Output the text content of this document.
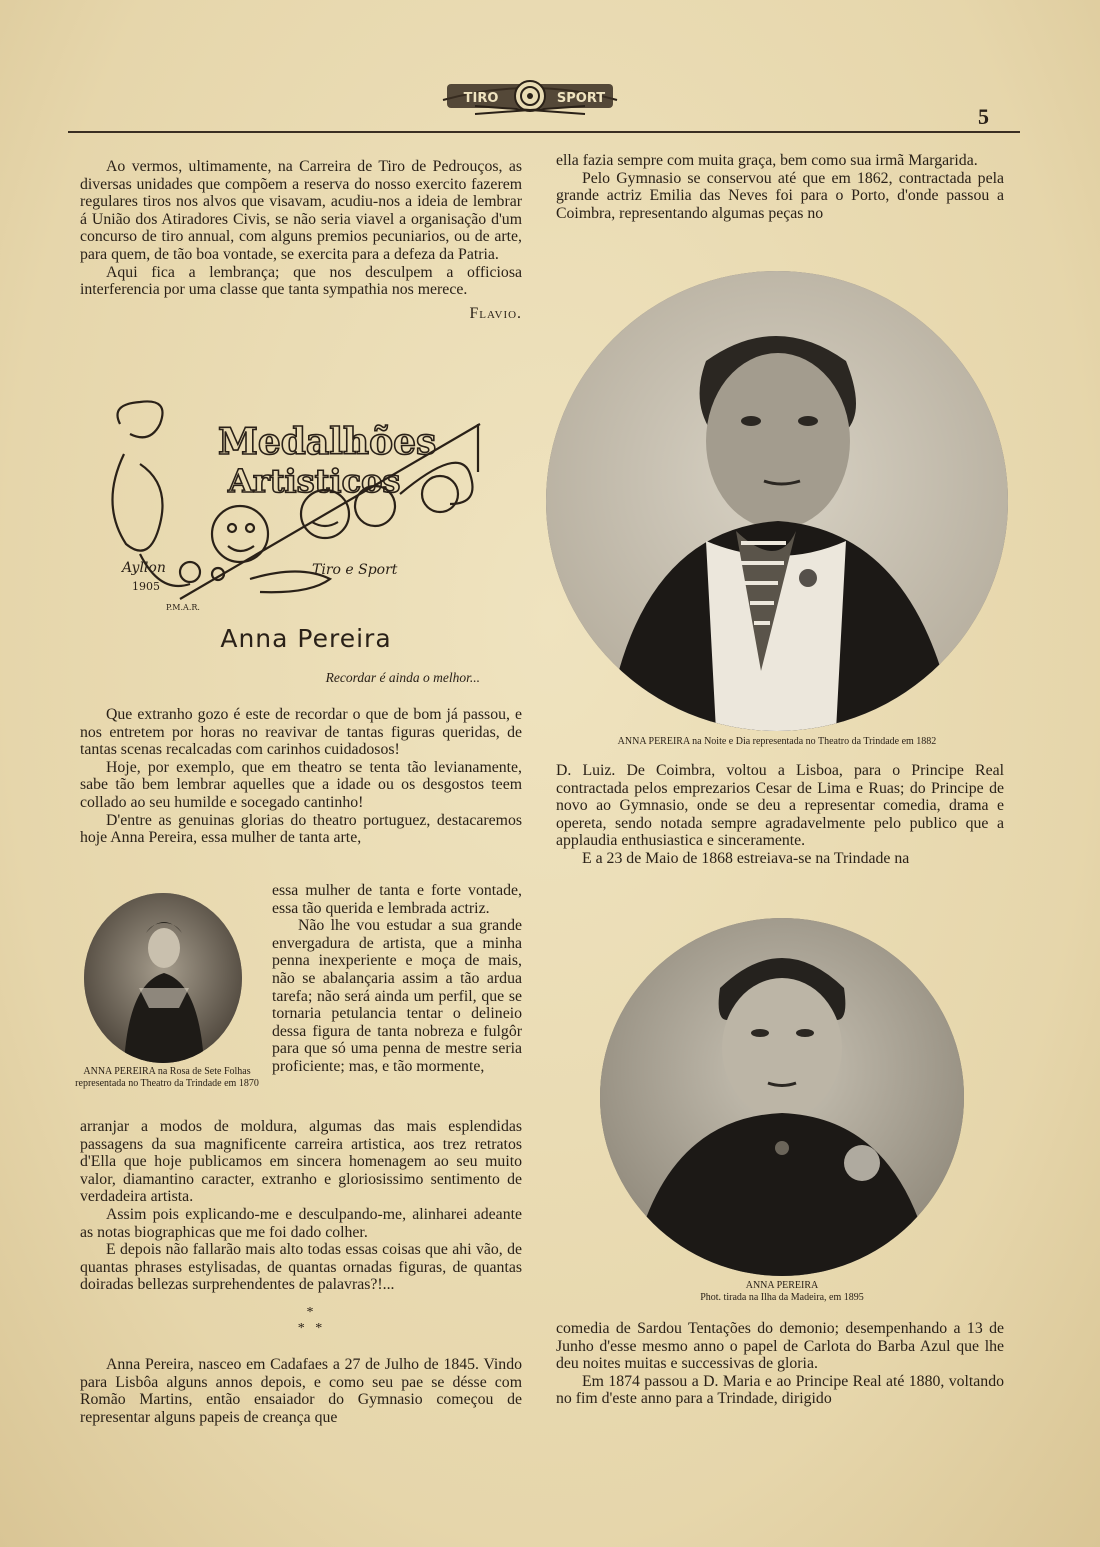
TIRO	SPORT
5

Ao vermos, ultimamente, na Carreira de Tiro de Pedrouços, as diversas unidades que compõem a reserva do nosso exercito fazerem regulares tiros nos alvos que visavam, acudiu-nos a ideia de lembrar á União dos Atiradores Civis, se não seria viavel a organisação d'um concurso de tiro annual, com alguns premios pecuniarios, ou de arte, para quem, de tão boa vontade, se exercita para a defeza da Patria.

Aqui fica a lembrança; que nos desculpem a officiosa interferencia por uma classe que tanta sympathia nos merece.

Flavio.

Medalhões
Artisticos
Ayllon
1905
P.M.A.R.
Tiro e Sport
Anna Pereira
Recordar é ainda o melhor...

Que extranho gozo é este de recordar o que de bom já passou, e nos entretem por horas no reavivar de tantas figuras queridas, de tantas scenas recalcadas com carinhos cuidadosos!

Hoje, por exemplo, que em theatro se tenta tão levianamente, sabe tão bem lembrar aquelles que a idade ou os desgostos teem collado ao seu humilde e socegado cantinho!

D'entre as genuinas glorias do theatro portuguez, destacaremos hoje Anna Pereira, essa mulher de tanta arte,

ANNA PEREIRA na Rosa de Sete Folhas representada no Theatro da Trindade em 1870

essa mulher de tanta e forte vontade, essa tão querida e lembrada actriz.

Não lhe vou estudar a sua grande envergadura de artista, que a minha penna inexperiente e moça de mais, não se abalançaria assim a tão ardua tarefa; não será ainda um perfil, que se tornaria petulancia tentar o delineio dessa figura de tanta nobreza e fulgôr para que só uma penna de mestre seria proficiente; mas, e tão mormente,

arranjar a modos de moldura, algumas das mais esplendidas passagens da sua magnificente carreira artistica, aos trez retratos d'Ella que hoje publicamos em sincera homenagem ao seu muito valor, diamantino caracter, extranho e gloriosissimo sentimento de verdadeira artista.

Assim pois explicando-me e desculpando-me, alinharei adeante as notas biographicas que me foi dado colher.

E depois não fallarão mais alto todas essas coisas que ahi vão, de quantas phrases estylisadas, de quantas ornadas figuras, de quantas doiradas bellezas surprehendentes de palavras?!...

*
*   *

Anna Pereira, nasceo em Cadafaes a 27 de Julho de 1845. Vindo para Lisbôa alguns annos depois, e como seu pae se désse com Romão Martins, então ensaiador do Gymnasio começou de representar alguns papeis de creança que

ella fazia sempre com muita graça, bem como sua irmã Margarida.

Pelo Gymnasio se conservou até que em 1862, contractada pela grande actriz Emilia das Neves foi para o Porto, d'onde passou a Coimbra, representando algumas peças no

ANNA PEREIRA na Noite e Dia representada no Theatro da Trindade em 1882

D. Luiz. De Coimbra, voltou a Lisboa, para o Principe Real contractada pelos emprezarios Cesar de Lima e Ruas; do Principe de novo ao Gymnasio, onde se deu a representar comedia, drama e opereta, sendo notada sempre agradavelmente pelo publico que a applaudia enthusiastica e sinceramente.

E a 23 de Maio de 1868 estreiava-se na Trindade na

ANNA PEREIRA
Phot. tirada na Ilha da Madeira, em 1895

comedia de Sardou Tentações do demonio; desempenhando a 13 de Junho d'esse mesmo anno o papel de Carlota do Barba Azul que lhe deu noites muitas e successivas de gloria.

Em 1874 passou a D. Maria e ao Principe Real até 1880, voltando no fim d'este anno para a Trindade, dirigido
